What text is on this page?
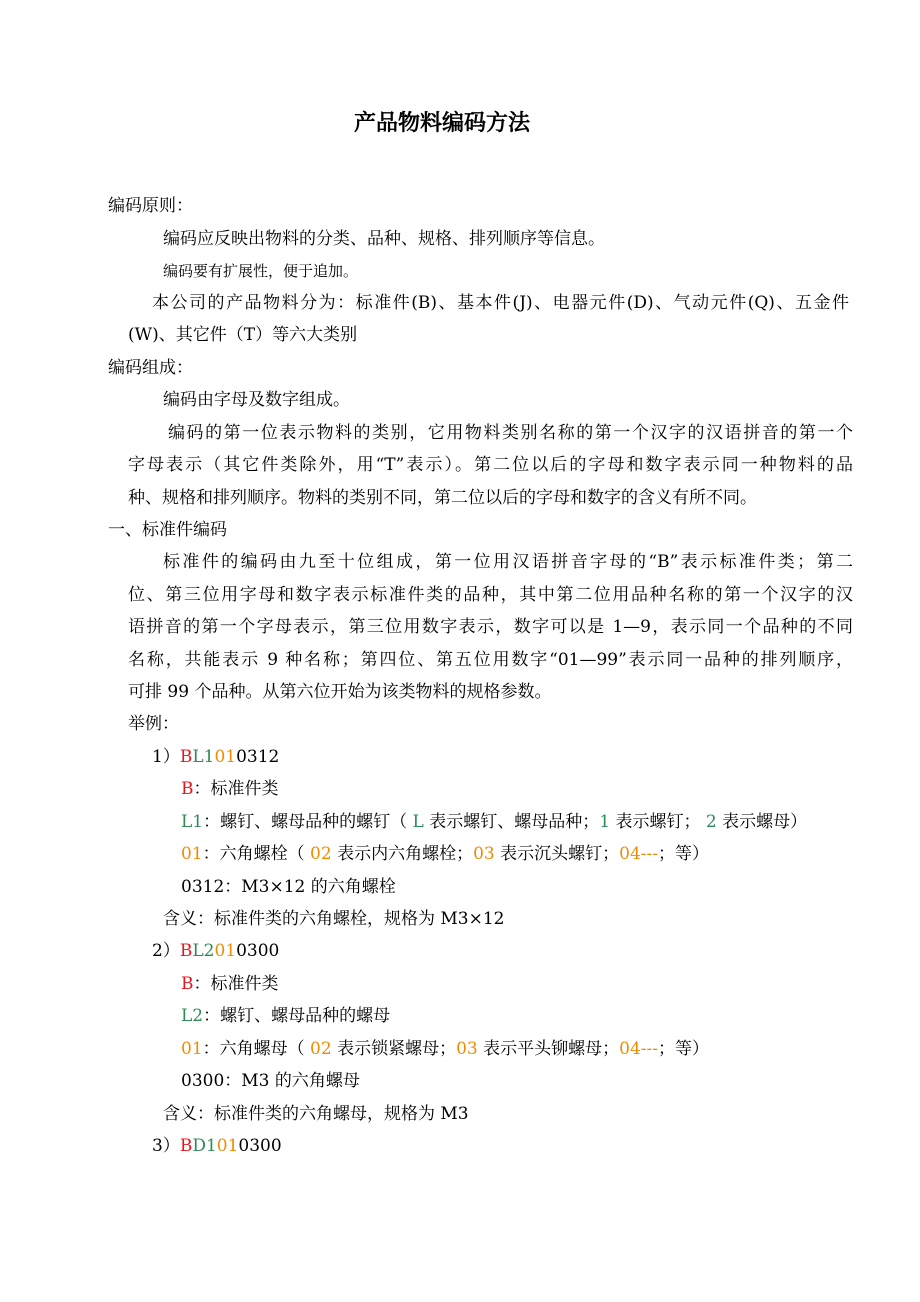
产品物料编码方法
编码原则：
编码应反映出物料的分类、品种、规格、排列顺序等信息。
编码要有扩展性，便于追加。
本公司的产品物料分为：标准件(B)、基本件(J)、电器元件(D)、气动元件(Q)、五金件
(W)、其它件（T）等六大类别
编码组成：
编码由字母及数字组成。
编码的第一位表示物料的类别，它用物料类别名称的第一个汉字的汉语拼音的第一个
字母表示（其它件类除外，用“T”表示）。第二位以后的字母和数字表示同一种物料的品
种、规格和排列顺序。物料的类别不同，第二位以后的字母和数字的含义有所不同。
一、标准件编码
标准件的编码由九至十位组成，第一位用汉语拼音字母的“B”表示标准件类；第二
位、第三位用字母和数字表示标准件类的品种，其中第二位用品种名称的第一个汉字的汉
语拼音的第一个字母表示，第三位用数字表示，数字可以是 1—9，表示同一个品种的不同
名称，共能表示 9 种名称；第四位、第五位用数字“01—99”表示同一品种的排列顺序，
可排 99 个品种。从第六位开始为该类物料的规格参数。
举例：
1）BL1010312
B：标准件类
L1：螺钉、螺母品种的螺钉（ L 表示螺钉、螺母品种；1 表示螺钉； 2 表示螺母）
01：六角螺栓（ 02 表示内六角螺栓；03 表示沉头螺钉；04---；等）
0312：M3×12 的六角螺栓
含义：标准件类的六角螺栓，规格为 M3×12
2）BL2010300
B：标准件类
L2：螺钉、螺母品种的螺母
01：六角螺母（ 02 表示锁紧螺母；03 表示平头铆螺母；04---；等）
0300：M3 的六角螺母
含义：标准件类的六角螺母，规格为 M3
3）BD1010300
